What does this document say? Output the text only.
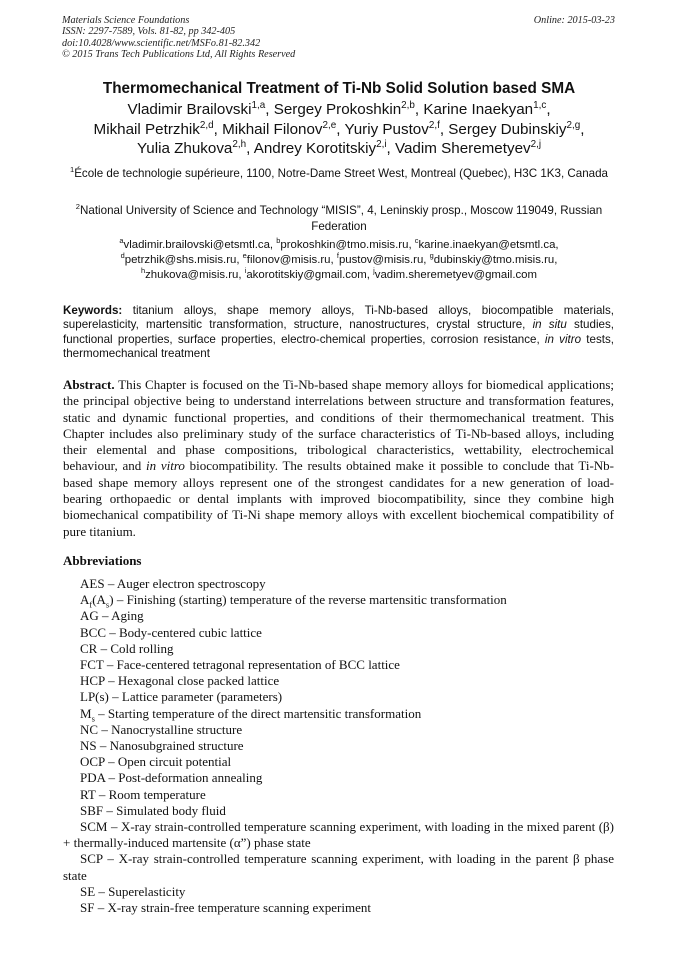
Materials Science Foundations
ISSN: 2297-7589, Vols. 81-82, pp 342-405
doi:10.4028/www.scientific.net/MSFo.81-82.342
© 2015 Trans Tech Publications Ltd, All Rights Reserved
Online: 2015-03-23
Thermomechanical Treatment of Ti-Nb Solid Solution based SMA
Vladimir Brailovski$^{1,a}$, Sergey Prokoshkin$^{2,b}$, Karine Inaekyan$^{1,c}$,
Mikhail Petrzhik$^{2,d}$, Mikhail Filonov$^{2,e}$, Yuriy Pustov$^{2,f}$, Sergey Dubinskiy$^{2,g}$,
Yulia Zhukova$^{2,h}$, Andrey Korotitskiy$^{2,i}$, Vadim Sheremetyev$^{2,j}$
$^1$École de technologie supérieure, 1100, Notre-Dame Street West, Montreal (Quebec), H3C 1K3, Canada
$^2$National University of Science and Technology “MISIS”, 4, Leninskiy prosp., Moscow 119049, Russian Federation
$^a$vladimir.brailovski@etsmtl.ca, $^b$prokoshkin@tmo.misis.ru, $^c$karine.inaekyan@etsmtl.ca,
$^d$petrzhik@shs.misis.ru, $^e$filonov@misis.ru, $^f$pustov@misis.ru, $^g$dubinskiy@tmo.misis.ru,
$^h$zhukova@misis.ru, $^i$akorotitskiy@gmail.com, $^j$vadim.sheremetyev@gmail.com
Keywords: titanium alloys, shape memory alloys, Ti-Nb-based alloys, biocompatible materials, superelasticity, martensitic transformation, structure, nanostructures, crystal structure, in situ studies, functional properties, surface properties, electro-chemical properties, corrosion resistance, in vitro tests, thermomechanical treatment
Abstract. This Chapter is focused on the Ti-Nb-based shape memory alloys for biomedical applications; the principal objective being to understand interrelations between structure and transformation features, static and dynamic functional properties, and conditions of their thermomechanical treatment. This Chapter includes also preliminary study of the surface characteristics of Ti-Nb-based alloys, including their elemental and phase compositions, tribological characteristics, wettability, electrochemical behaviour, and in vitro biocompatibility. The results obtained make it possible to conclude that Ti-Nb-based shape memory alloys represent one of the strongest candidates for a new generation of load-bearing orthopaedic or dental implants with improved biocompatibility, since they combine high biomechanical compatibility of Ti-Ni shape memory alloys with excellent biochemical compatibility of pure titanium.
Abbreviations
AES – Auger electron spectroscopy
$A_f(A_s)$ – Finishing (starting) temperature of the reverse martensitic transformation
AG – Aging
BCC – Body-centered cubic lattice
CR – Cold rolling
FCT – Face-centered tetragonal representation of BCC lattice
HCP – Hexagonal close packed lattice
LP(s) – Lattice parameter (parameters)
$M_s$ – Starting temperature of the direct martensitic transformation
NC – Nanocrystalline structure
NS – Nanosubgrained structure
OCP – Open circuit potential
PDA – Post-deformation annealing
RT – Room temperature
SBF – Simulated body fluid
SCM – X-ray strain-controlled temperature scanning experiment, with loading in the mixed parent (β) + thermally-induced martensite (α”) phase state
SCP – X-ray strain-controlled temperature scanning experiment, with loading in the parent β phase state
SE – Superelasticity
SF – X-ray strain-free temperature scanning experiment
